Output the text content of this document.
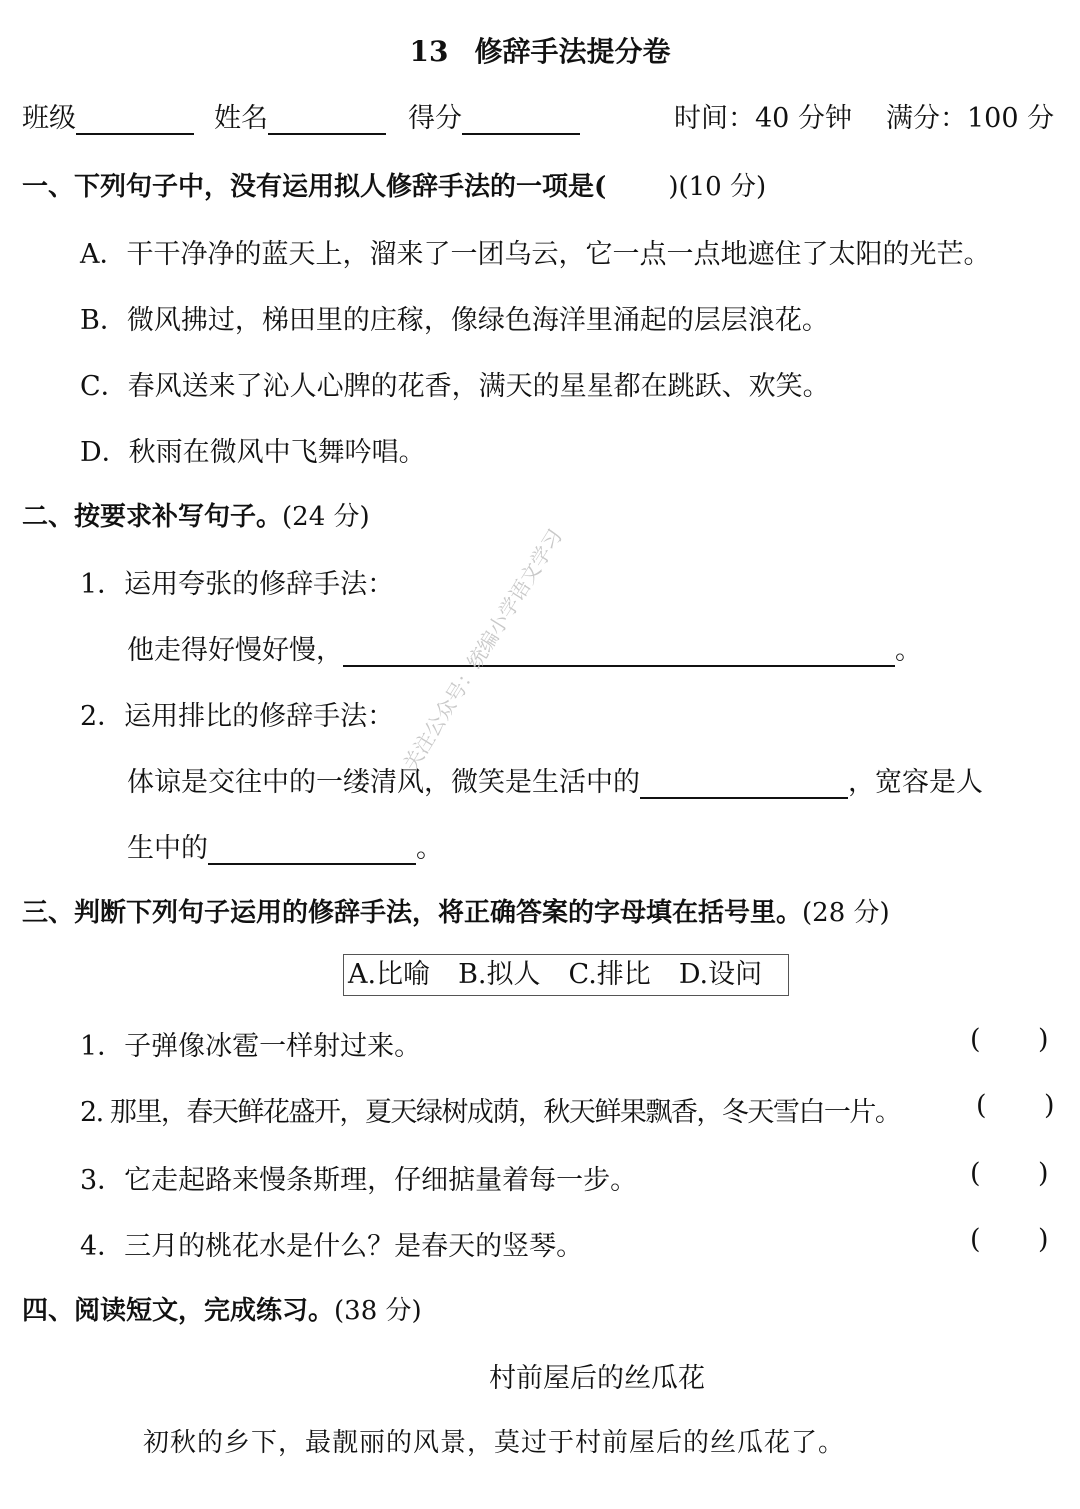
13 修辞手法提分卷
班级	姓名	得分	时间：40 分钟 满分：100 分
一、下列句子中，没有运用拟人修辞手法的一项是( )(10 分)
A．干干净净的蓝天上，溜来了一团乌云，它一点一点地遮住了太阳的光芒。
B．微风拂过，梯田里的庄稼，像绿色海洋里涌起的层层浪花。
C．春风送来了沁人心脾的花香，满天的星星都在跳跃、欢笑。
D．秋雨在微风中飞舞吟唱。
二、按要求补写句子。(24 分)
1．运用夸张的修辞手法：
他走得好慢好慢，	。
2．运用排比的修辞手法：
体谅是交往中的一缕清风，微笑是生活中的	，宽容是人
生中的	。
三、判断下列句子运用的修辞手法，将正确答案的字母填在括号里。(28 分)
A.比喻 B.拟人 C.排比 D.设问
1．子弹像冰雹一样射过来。	( )
2. 那里，春天鲜花盛开，夏天绿树成荫，秋天鲜果飘香，冬天雪白一片。	( )
3．它走起路来慢条斯理，仔细掂量着每一步。	( )
4．三月的桃花水是什么？是春天的竖琴。	( )
四、阅读短文，完成练习。(38 分)
村前屋后的丝瓜花
初秋的乡下，最靓丽的风景，莫过于村前屋后的丝瓜花了。
关注公众号：统编小学语文学习
